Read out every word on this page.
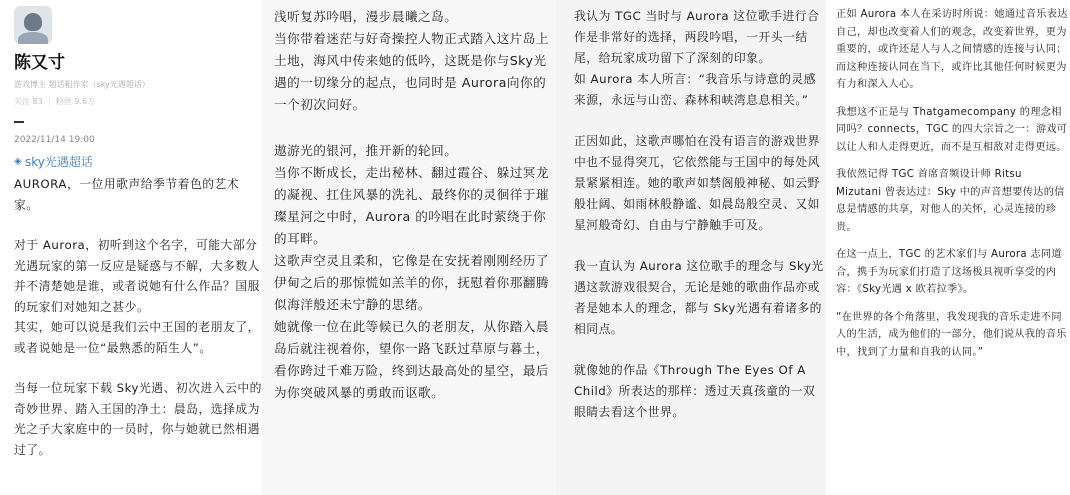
陈又寸
游戏博主 超话粗作家（sky光遇超话）
关注 83 ｜ 粉丝 9.6万
2022/11/14 19:00
◈ sky光遇超话

AURORA，一位用歌声给季节着色的艺术家。

对于 Aurora，初听到这个名字，可能大部分光遇玩家的第一反应是疑惑与不解，大多数人并不清楚她是谁，或者说她有什么作品？国服的玩家们对她知之甚少。

其实，她可以说是我们云中王国的老朋友了，或者说她是一位“最熟悉的陌生人”。

当每一位玩家下载 Sky光遇、初次进入云中的奇妙世界、踏入王国的净土：晨岛，选择成为光之子大家庭中的一员时，你与她就已然相遇过了。

浅听复苏吟唱，漫步晨曦之岛。

当你带着迷茫与好奇操控人物正式踏入这片岛上土地，海风中传来她的低吟，这既是你与Sky光遇的一切缘分的起点，也同时是 Aurora向你的一个初次问好。

遨游光的银河，推开新的轮回。

当你不断成长，走出秘林、翻过霞谷、躲过冥龙的凝视、扛住风暴的洗礼、最终你的灵徊徉于璀璨星河之中时，Aurora 的吟唱在此时萦绕于你的耳畔。

这歌声空灵且柔和，它像是在安抚着刚刚经历了伊甸之后的那惊慌如羔羊的你，抚慰着你那翻腾似海洋般还未宁静的思绪。

她就像一位在此等候已久的老朋友，从你踏入晨岛后就注视着你，望你一路飞跃过草原与暮土，看你跨过千难万险，终到达最高处的星空，最后为你突破风暴的勇敢而讴歌。

我认为 TGC 当时与 Aurora 这位歌手进行合作是非常好的选择，两段吟唱，一开头一结尾，给玩家成功留下了深刻的印象。

如 Aurora 本人所言：“我音乐与诗意的灵感来源，永远与山峦、森林和峡湾息息相关。”

正因如此，这歌声哪怕在没有语言的游戏世界中也不显得突兀，它依然能与王国中的每处风景紧紧相连。她的歌声如禁阁般神秘、如云野般壮阔、如雨林般静谧、如晨岛般空灵、又如星河般奇幻、自由与宁静触手可及。

我一直认为 Aurora 这位歌手的理念与 Sky光遇这款游戏很契合，无论是她的歌曲作品亦或者是她本人的理念，都与 Sky光遇有着诸多的相同点。

就像她的作品《Through The Eyes Of A Child》所表达的那样：透过天真孩童的一双眼睛去看这个世界。

正如 Aurora 本人在采访时所说：她通过音乐表达自己，却也改变着人们的观念，改变着世界，更为重要的，或许还是人与人之间情感的连接与认同；而这种连接认同在当下，或许比其他任何时候更为有力和深入人心。

我想这不正是与 Thatgamecompany 的理念相同吗？connects，TGC 的四大宗旨之一：游戏可以让人和人走得更近，而不是互相敌对走得更远。

我依然记得 TGC 首席音频设计师 Ritsu Mizutani 曾表达过：Sky 中的声音想要传达的信息是情感的共享，对他人的关怀，心灵连接的珍贵。

在这一点上，TGC 的艺术家们与 Aurora 志同道合，携手为玩家们打造了这场极具视听享受的内容：《Sky光遇 x 欧若拉季》。

“在世界的各个角落里，我发现我的音乐走进不同人的生活，成为他们的一部分，他们说从我的音乐中，找到了力量和自我的认同。”
